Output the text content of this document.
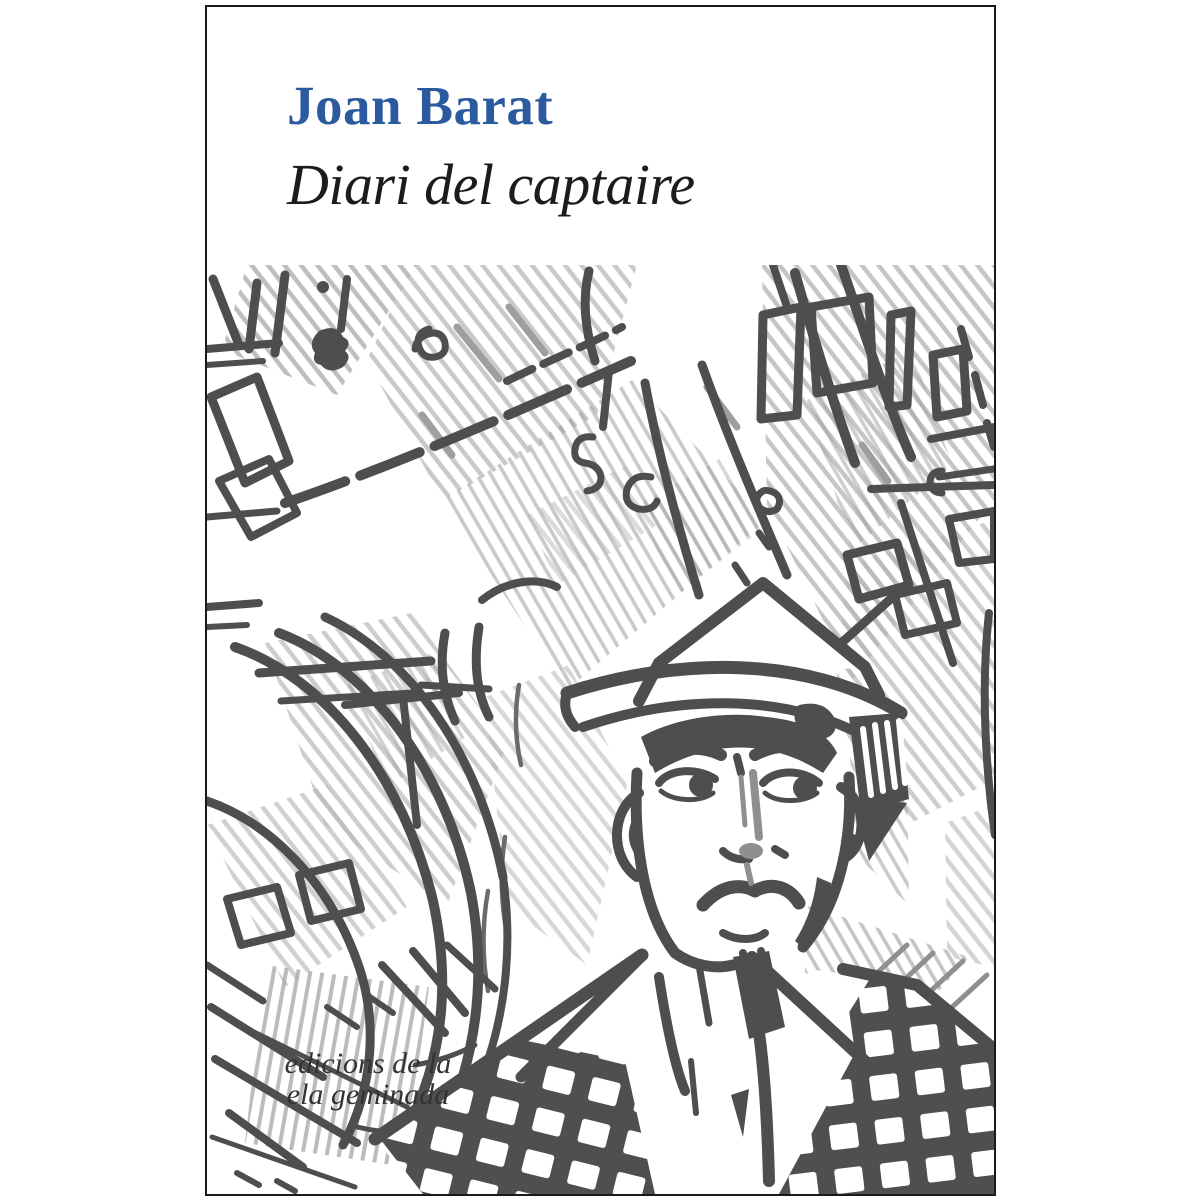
Joan Barat
Diari del captaire
edicions de la
ela geminada
